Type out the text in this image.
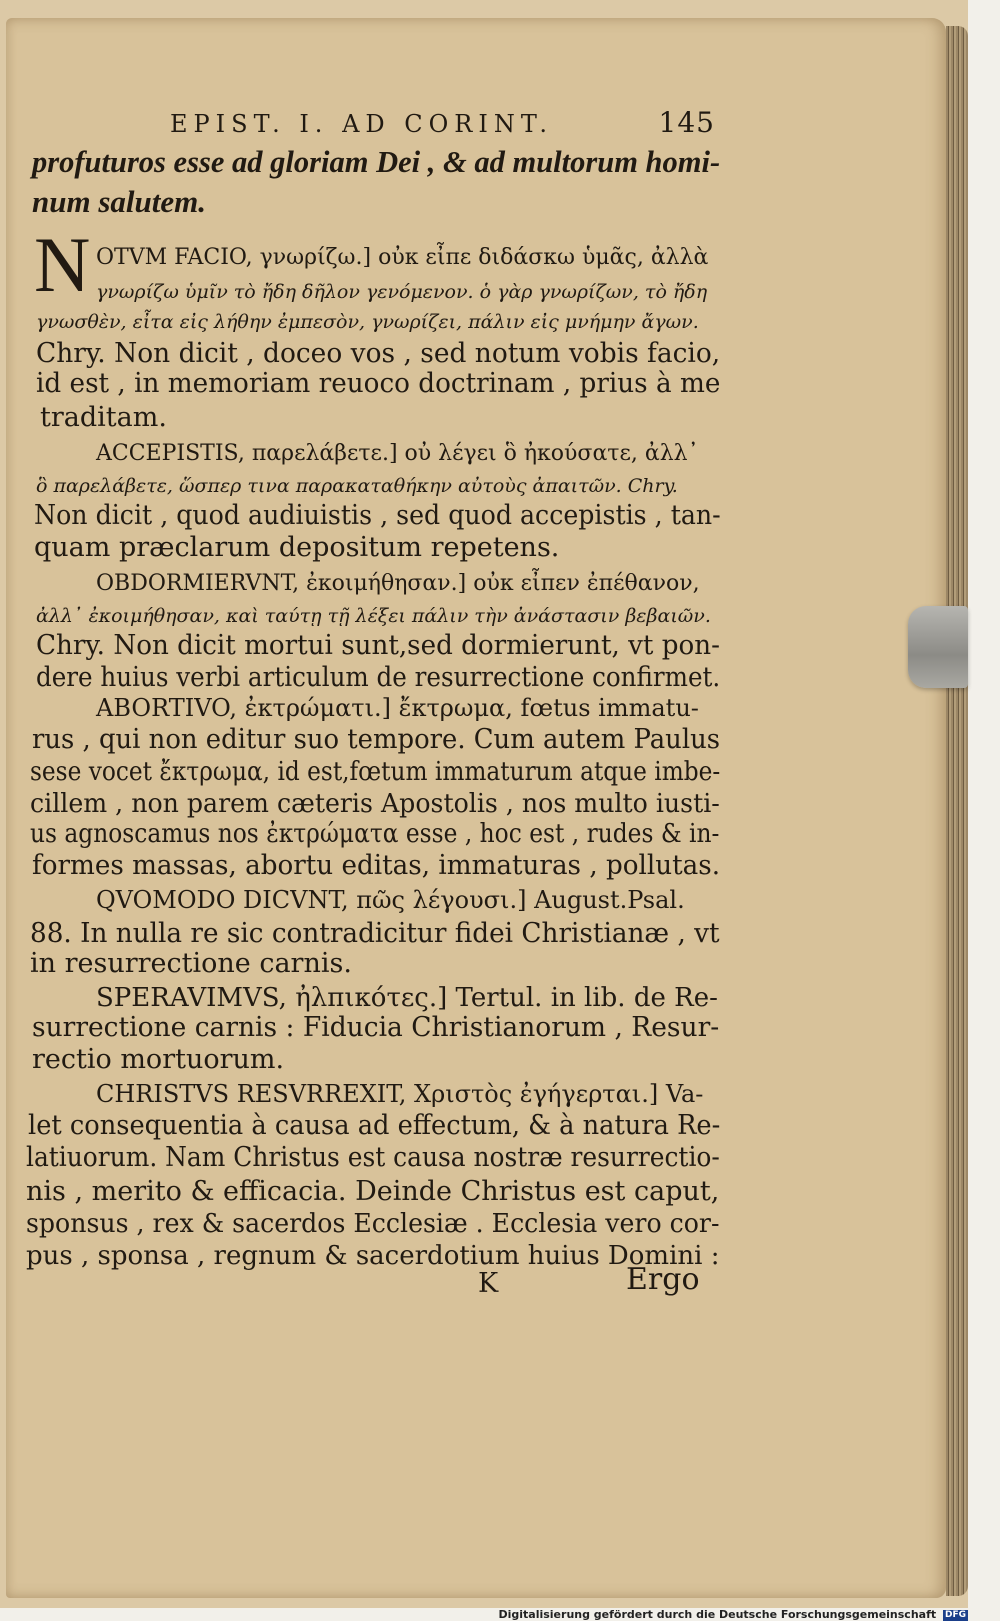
EPIST. I. AD CORINT.	145
profuturos esse ad gloriam Dei , & ad multorum homi-
num salutem.
N OTVM FACIO, γνωρίζω.] οὐκ εἶπε διδάσκω ὑμᾶς, ἀλλὰ
γνωρίζω ὑμῖν τὸ ἤδη δῆλον γενόμενον. ὁ γὰρ γνωρίζων, τὸ ἤδη
γνωσθὲν, εἶτα εἰς λήθην ἐμπεσὸν, γνωρίζει, πάλιν εἰς μνήμην ἄγων.
Chry. Non dicit , doceo vos , sed notum vobis facio,
id est , in memoriam reuoco doctrinam , prius à me
traditam.
ACCEPISTIS, παρελάβετε.] οὐ λέγει ὃ ἠκούσατε, ἀλλ᾽
ὃ παρελάβετε, ὥσπερ τινα παρακαταθήκην αὐτοὺς ἀπαιτῶν. Chry.
Non dicit , quod audiuistis , sed quod accepistis , tan-
quam præclarum depositum repetens.
OBDORMIERVNT, ἐκοιμήθησαν.] οὐκ εἶπεν ἐπέθανον,
ἀλλ᾽ ἐκοιμήθησαν, καὶ ταύτῃ τῇ λέξει πάλιν τὴν ἀνάστασιν βεβαιῶν.
Chry. Non dicit mortui sunt,sed dormierunt, vt pon-
dere huius verbi articulum de resurrectione confirmet.
ABORTIVO, ἐκτρώματι.] ἔκτρωμα, fœtus immatu-
rus , qui non editur suo tempore. Cum autem Paulus
sese vocet ἔκτρωμα, id est,fœtum immaturum atque imbe-
cillem , non parem cæteris Apostolis , nos multo iusti-
us agnoscamus nos ἐκτρώματα esse , hoc est , rudes & in-
formes massas, abortu editas, immaturas , pollutas.
QVOMODO DICVNT, πῶς λέγουσι.] August.Psal.
88. In nulla re sic contradicitur fidei Christianæ , vt
in resurrectione carnis.
SPERAVIMVS, ἠλπικότες.] Tertul. in lib. de Re-
surrectione carnis : Fiducia Christianorum , Resur-
rectio mortuorum.
CHRISTVS RESVRREXIT, Χριστὸς ἐγήγερται.] Va-
let consequentia à causa ad effectum, & à natura Re-
latiuorum. Nam Christus est causa nostræ resurrectio-
nis , merito & efficacia. Deinde Christus est caput,
sponsus , rex & sacerdos Ecclesiæ . Ecclesia vero cor-
pus , sponsa , regnum & sacerdotium huius Domini :
K	Ergo
Digitalisierung gefördert durch die Deutsche Forschungsgemeinschaft DFG
